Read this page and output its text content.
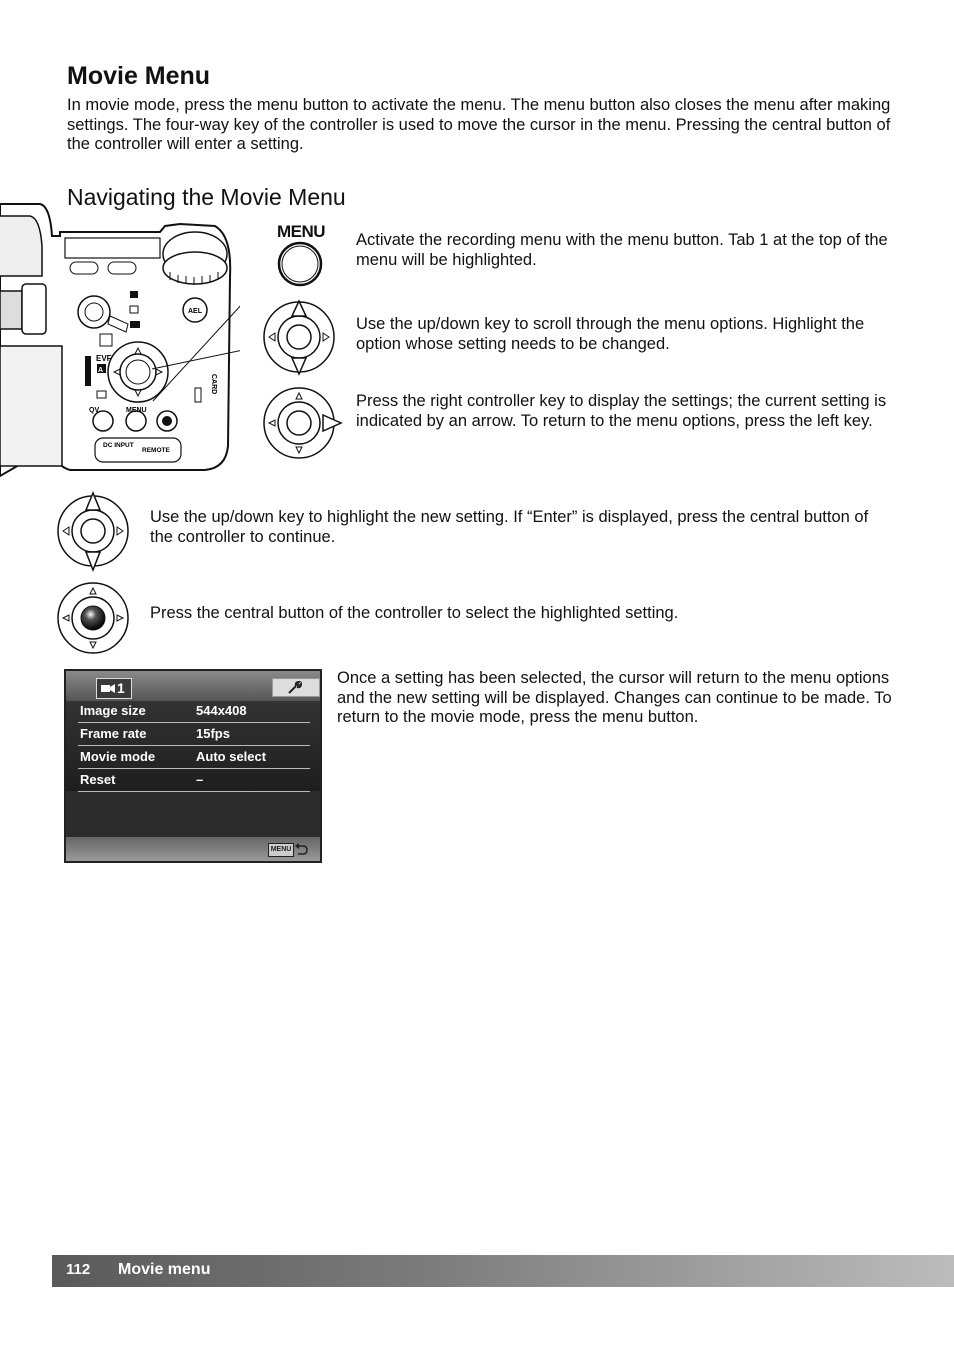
Movie Menu
In movie mode, press the menu button to activate the menu. The menu button also closes the menu after making settings. The four-way key of the controller is used to move the cursor in the menu. Pressing the central button of the controller will enter a setting.
Navigating the Movie Menu
AEL
EVF
A
QV	MENU
CARD
DC INPUT
REMOTE
MENU Activate the recording menu with the menu button. Tab 1 at the top of the menu will be highlighted.
Use the up/down key to scroll through the menu options. Highlight the option whose setting needs to be changed.
Press the right controller key to display the settings; the current setting is indicated by an arrow. To return to the menu options, press the left key.
Use the up/down key to highlight the new setting. If “Enter” is displayed, press the central button of the controller to continue.
Press the central button of the controller to select the highlighted setting.
1
Image size	544x408
Frame rate	15fps
Movie mode	Auto select
Reset	–
MENU
Once a setting has been selected, the cursor will return to the menu options and the new setting will be displayed. Changes can continue to be made. To return to the movie mode, press the menu button.
112 Movie menu
